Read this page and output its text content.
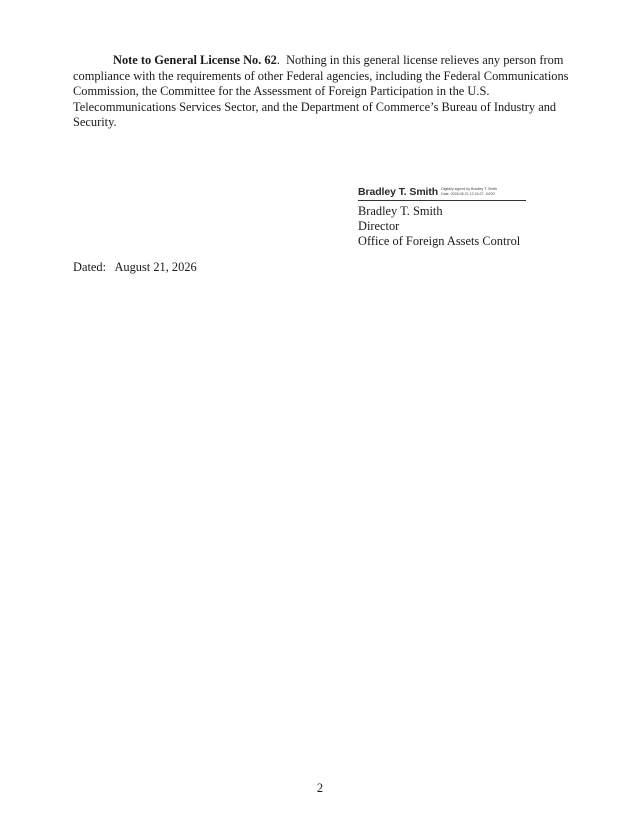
Note to General License No. 62.  Nothing in this general license relieves any person from compliance with the requirements of other Federal agencies, including the Federal Communications Commission, the Committee for the Assessment of Foreign Participation in the U.S. Telecommunications Services Sector, and the Department of Commerce’s Bureau of Industry and Security.

Bradley T. Smith Digitally signed by Bradley T. Smith
Date: 2026.08.21 12:24:27 -04'00'
Bradley T. Smith
Director
Office of Foreign Assets Control
Dated: August 21, 2026
2
